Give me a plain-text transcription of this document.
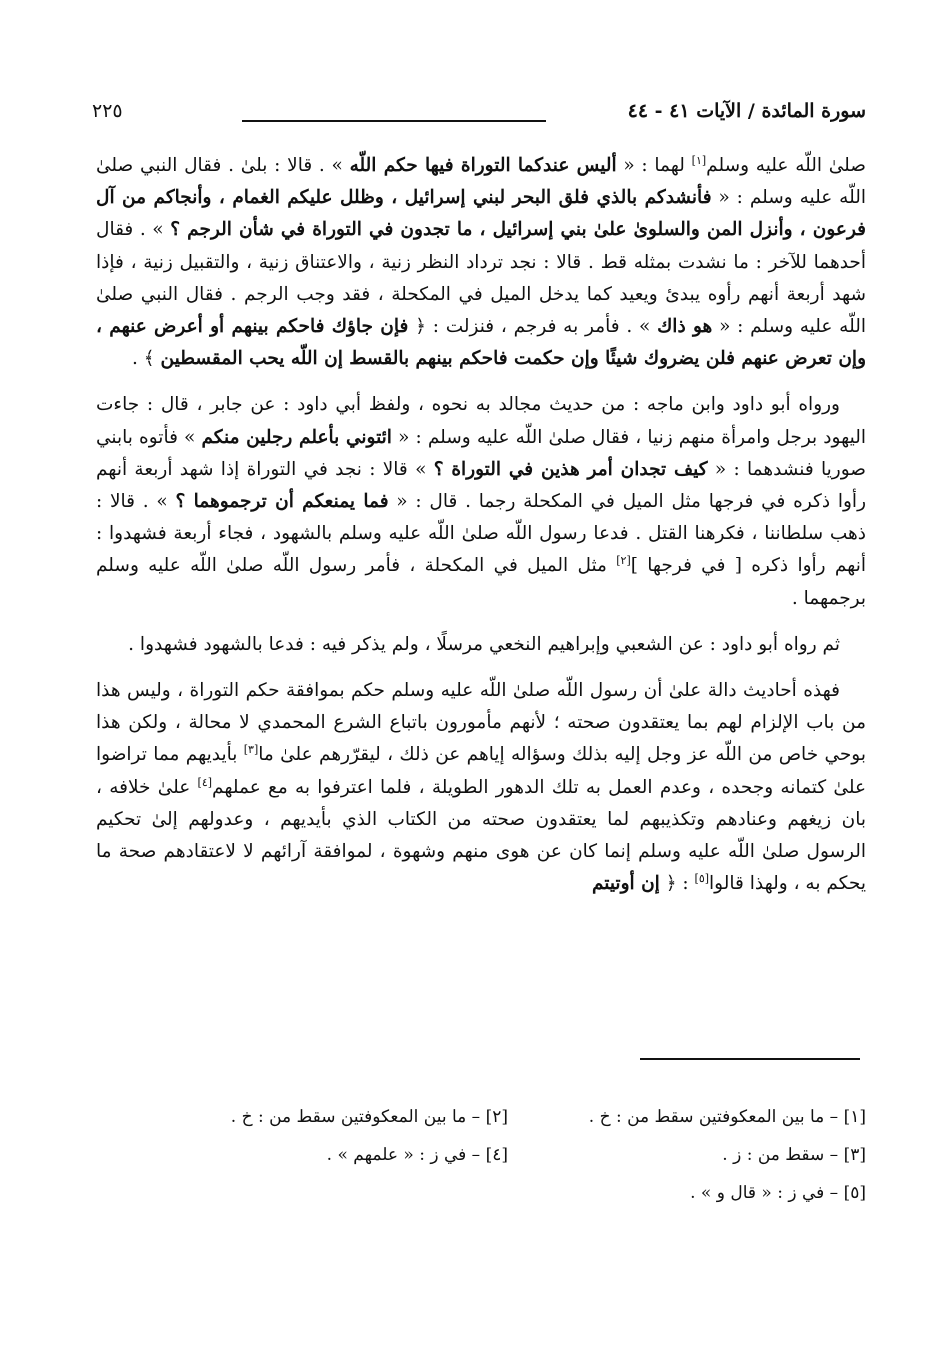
سورة المائدة / الآيات ٤١ - ٤٤
٢٢٥

صلىٰ اللّه عليه وسلم[١] لهما : « أليس عندكما التوراة فيها حكم اللّه » . قالا : بلىٰ . فقال النبي صلىٰ اللّه عليه وسلم : « فأنشدكم بالذي فلق البحر لبني إسرائيل ، وظلل عليكم الغمام ، وأنجاكم من آل فرعون ، وأنزل المن والسلوىٰ علىٰ بني إسرائيل ، ما تجدون في التوراة في شأن الرجم ؟ » . فقال أحدهما للآخر : ما نشدت بمثله قط . قالا : نجد ترداد النظر زنية ، والاعتناق زنية ، والتقبيل زنية ، فإذا شهد أربعة أنهم رأوه يبدئ ويعيد كما يدخل الميل في المكحلة ، فقد وجب الرجم . فقال النبي صلىٰ اللّه عليه وسلم : « هو ذاك » . فأمر به فرجم ، فنزلت : ﴿ فإن جاؤك فاحكم بينهم أو أعرض عنهم ، وإن تعرض عنهم فلن يضروك شيئًا وإن حكمت فاحكم بينهم بالقسط إن اللّه يحب المقسطين ﴾ .

ورواه أبو داود وابن ماجه : من حديث مجالد به نحوه ، ولفظ أبي داود : عن جابر ، قال : جاءت اليهود برجل وامرأة منهم زنيا ، فقال صلىٰ اللّه عليه وسلم : « ائتوني بأعلم رجلين منكم » فأتوه بابني صوريا فنشدهما : « كيف تجدان أمر هذين في التوراة ؟ » قالا : نجد في التوراة إذا شهد أربعة أنهم رأوا ذكره في فرجها مثل الميل في المكحلة رجما . قال : « فما يمنعكم أن ترجموهما ؟ » . قالا : ذهب سلطاننا ، فكرهنا القتل . فدعا رسول اللّه صلىٰ اللّه عليه وسلم بالشهود ، فجاء أربعة فشهدوا : أنهم رأوا ذكره [ في فرجها ][٢] مثل الميل في المكحلة ، فأمر رسول اللّه صلىٰ اللّه عليه وسلم برجمهما .

ثم رواه أبو داود : عن الشعبي وإبراهيم النخعي مرسلًا ، ولم يذكر فيه : فدعا بالشهود فشهدوا .

فهذه أحاديث دالة علىٰ أن رسول اللّه صلىٰ اللّه عليه وسلم حكم بموافقة حكم التوراة ، وليس هذا من باب الإلزام لهم بما يعتقدون صحته ؛ لأنهم مأمورون باتباع الشرع المحمدي لا محالة ، ولكن هذا بوحي خاص من اللّه عز وجل إليه بذلك وسؤاله إياهم عن ذلك ، ليقرّرهم علىٰ ما[٣] بأيديهم مما تراضوا علىٰ كتمانه وجحده ، وعدم العمل به تلك الدهور الطويلة ، فلما اعترفوا به مع عملهم[٤] علىٰ خلافه ، بان زيغهم وعنادهم وتكذيبهم لما يعتقدون صحته من الكتاب الذي بأيديهم ، وعدولهم إلىٰ تحكيم الرسول صلىٰ اللّه عليه وسلم إنما كان عن هوى منهم وشهوة ، لموافقة آرائهم لا لاعتقادهم صحة ما يحكم به ، ولهذا قالوا[٥] : ﴿ إن أوتيتم

[١] – ما بين المعكوفتين سقط من : خ .
[٢] – ما بين المعكوفتين سقط من : خ .
[٣] – سقط من : ز .
[٤] – في ز : « علمهم » .
[٥] – في ز : « قال و » .
